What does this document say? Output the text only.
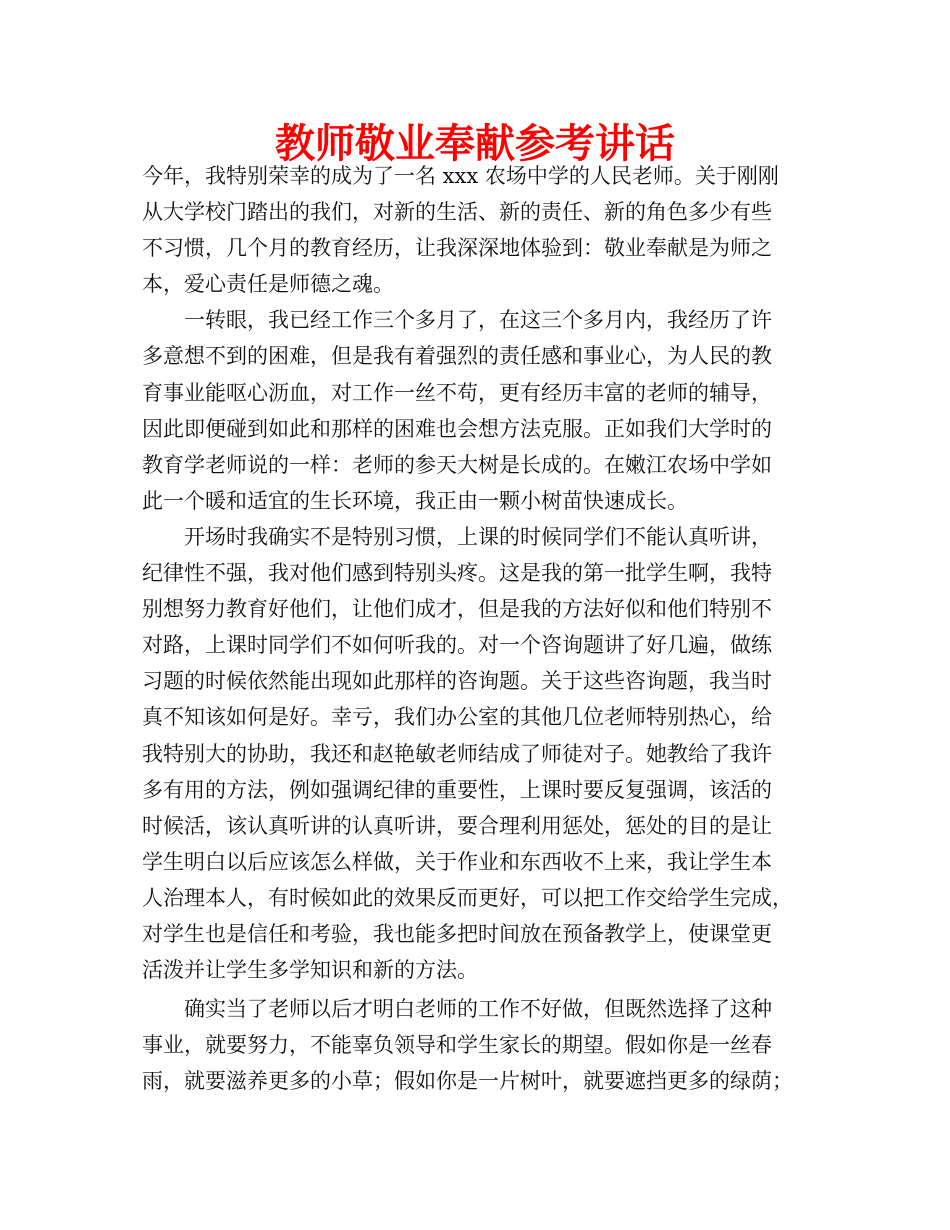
教师敬业奉献参考讲话

今年，我特别荣幸的成为了一名 xxx 农场中学的人民老师。关于刚刚

从大学校门踏出的我们，对新的生活、新的责任、新的角色多少有些

不习惯，几个月的教育经历，让我深深地体验到：敬业奉献是为师之

本，爱心责任是师德之魂。

一转眼，我已经工作三个多月了，在这三个多月内，我经历了许

多意想不到的困难，但是我有着强烈的责任感和事业心，为人民的教

育事业能呕心沥血，对工作一丝不苟，更有经历丰富的老师的辅导，

因此即便碰到如此和那样的困难也会想方法克服。正如我们大学时的

教育学老师说的一样：老师的参天大树是长成的。在嫩江农场中学如

此一个暖和适宜的生长环境，我正由一颗小树苗快速成长。

开场时我确实不是特别习惯，上课的时候同学们不能认真听讲，

纪律性不强，我对他们感到特别头疼。这是我的第一批学生啊，我特

别想努力教育好他们，让他们成才，但是我的方法好似和他们特别不

对路，上课时同学们不如何听我的。对一个咨询题讲了好几遍，做练

习题的时候依然能出现如此那样的咨询题。关于这些咨询题，我当时

真不知该如何是好。幸亏，我们办公室的其他几位老师特别热心，给

我特别大的协助，我还和赵艳敏老师结成了师徒对子。她教给了我许

多有用的方法，例如强调纪律的重要性，上课时要反复强调，该活的

时候活，该认真听讲的认真听讲，要合理利用惩处，惩处的目的是让

学生明白以后应该怎么样做，关于作业和东西收不上来，我让学生本

人治理本人，有时候如此的效果反而更好，可以把工作交给学生完成，

对学生也是信任和考验，我也能多把时间放在预备教学上，使课堂更

活泼并让学生多学知识和新的方法。

确实当了老师以后才明白老师的工作不好做，但既然选择了这种

事业，就要努力，不能辜负领导和学生家长的期望。假如你是一丝春

雨，就要滋养更多的小草；假如你是一片树叶，就要遮挡更多的绿荫；
